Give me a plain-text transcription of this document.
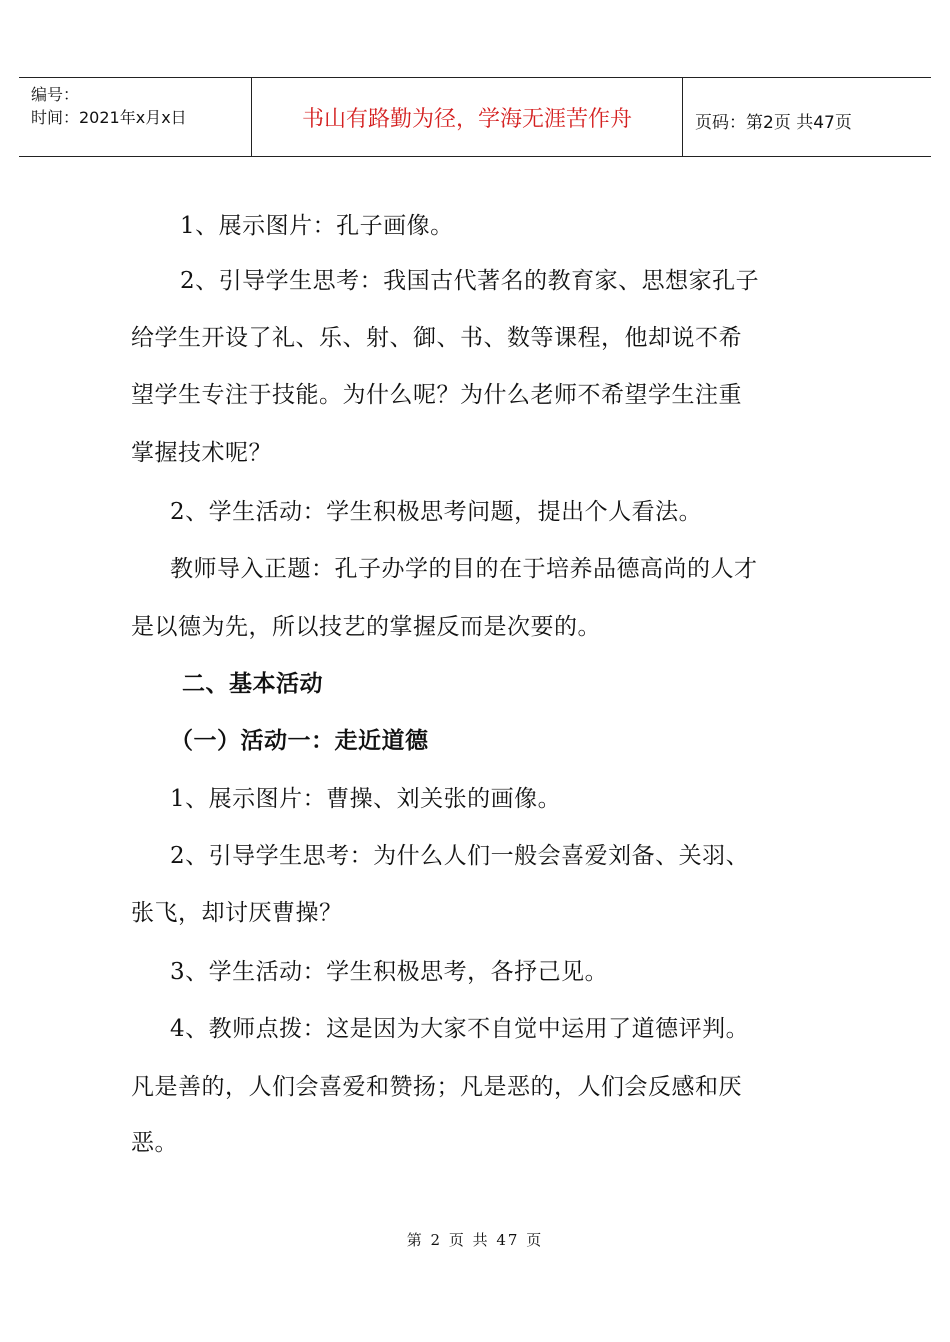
编号：
时间：2021年x月x日	书山有路勤为径，学海无涯苦作舟	页码：第2页 共47页
1、展示图片：孔子画像。
2、引导学生思考：我国古代著名的教育家、思想家孔子
给学生开设了礼、乐、射、御、书、数等课程，他却说不希
望学生专注于技能。为什么呢？为什么老师不希望学生注重
掌握技术呢？
2、学生活动：学生积极思考问题，提出个人看法。
教师导入正题：孔子办学的目的在于培养品德高尚的人才
是以德为先，所以技艺的掌握反而是次要的。
二、基本活动
（一）活动一：走近道德
1、展示图片：曹操、刘关张的画像。
2、引导学生思考：为什么人们一般会喜爱刘备、关羽、
张飞，却讨厌曹操？
3、学生活动：学生积极思考，各抒己见。
4、教师点拨：这是因为大家不自觉中运用了道德评判。
凡是善的，人们会喜爱和赞扬；凡是恶的，人们会反感和厌
恶。
第 2 页 共 47 页
